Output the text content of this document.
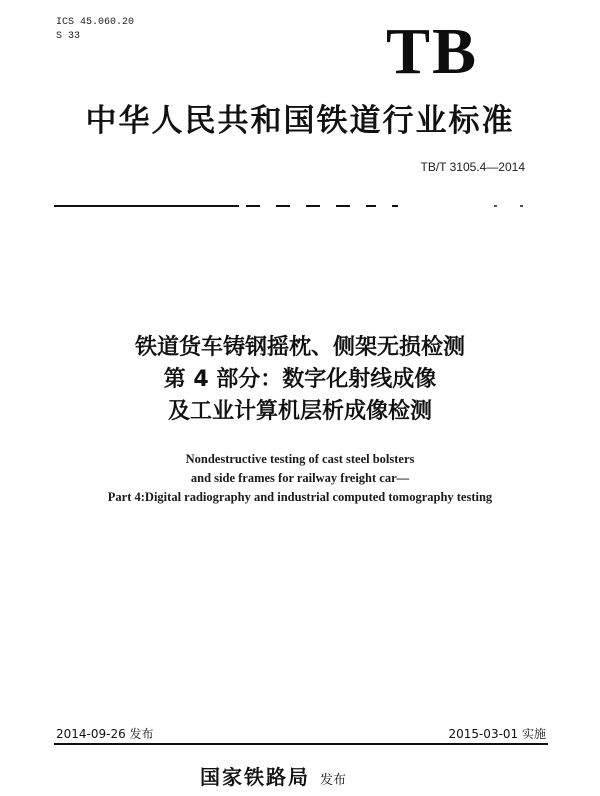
ICS 45.060.20
S 33	TB
中华人民共和国铁道行业标准
TB/T 3105.4—2014
铁道货车铸钢摇枕、侧架无损检测
第 4 部分：数字化射线成像
及工业计算机层析成像检测
Nondestructive testing of cast steel bolsters
and side frames for railway freight car—
Part 4:Digital radiography and industrial computed tomography testing
2014-09-26 发布	2015-03-01 实施
国家铁路局 发布
